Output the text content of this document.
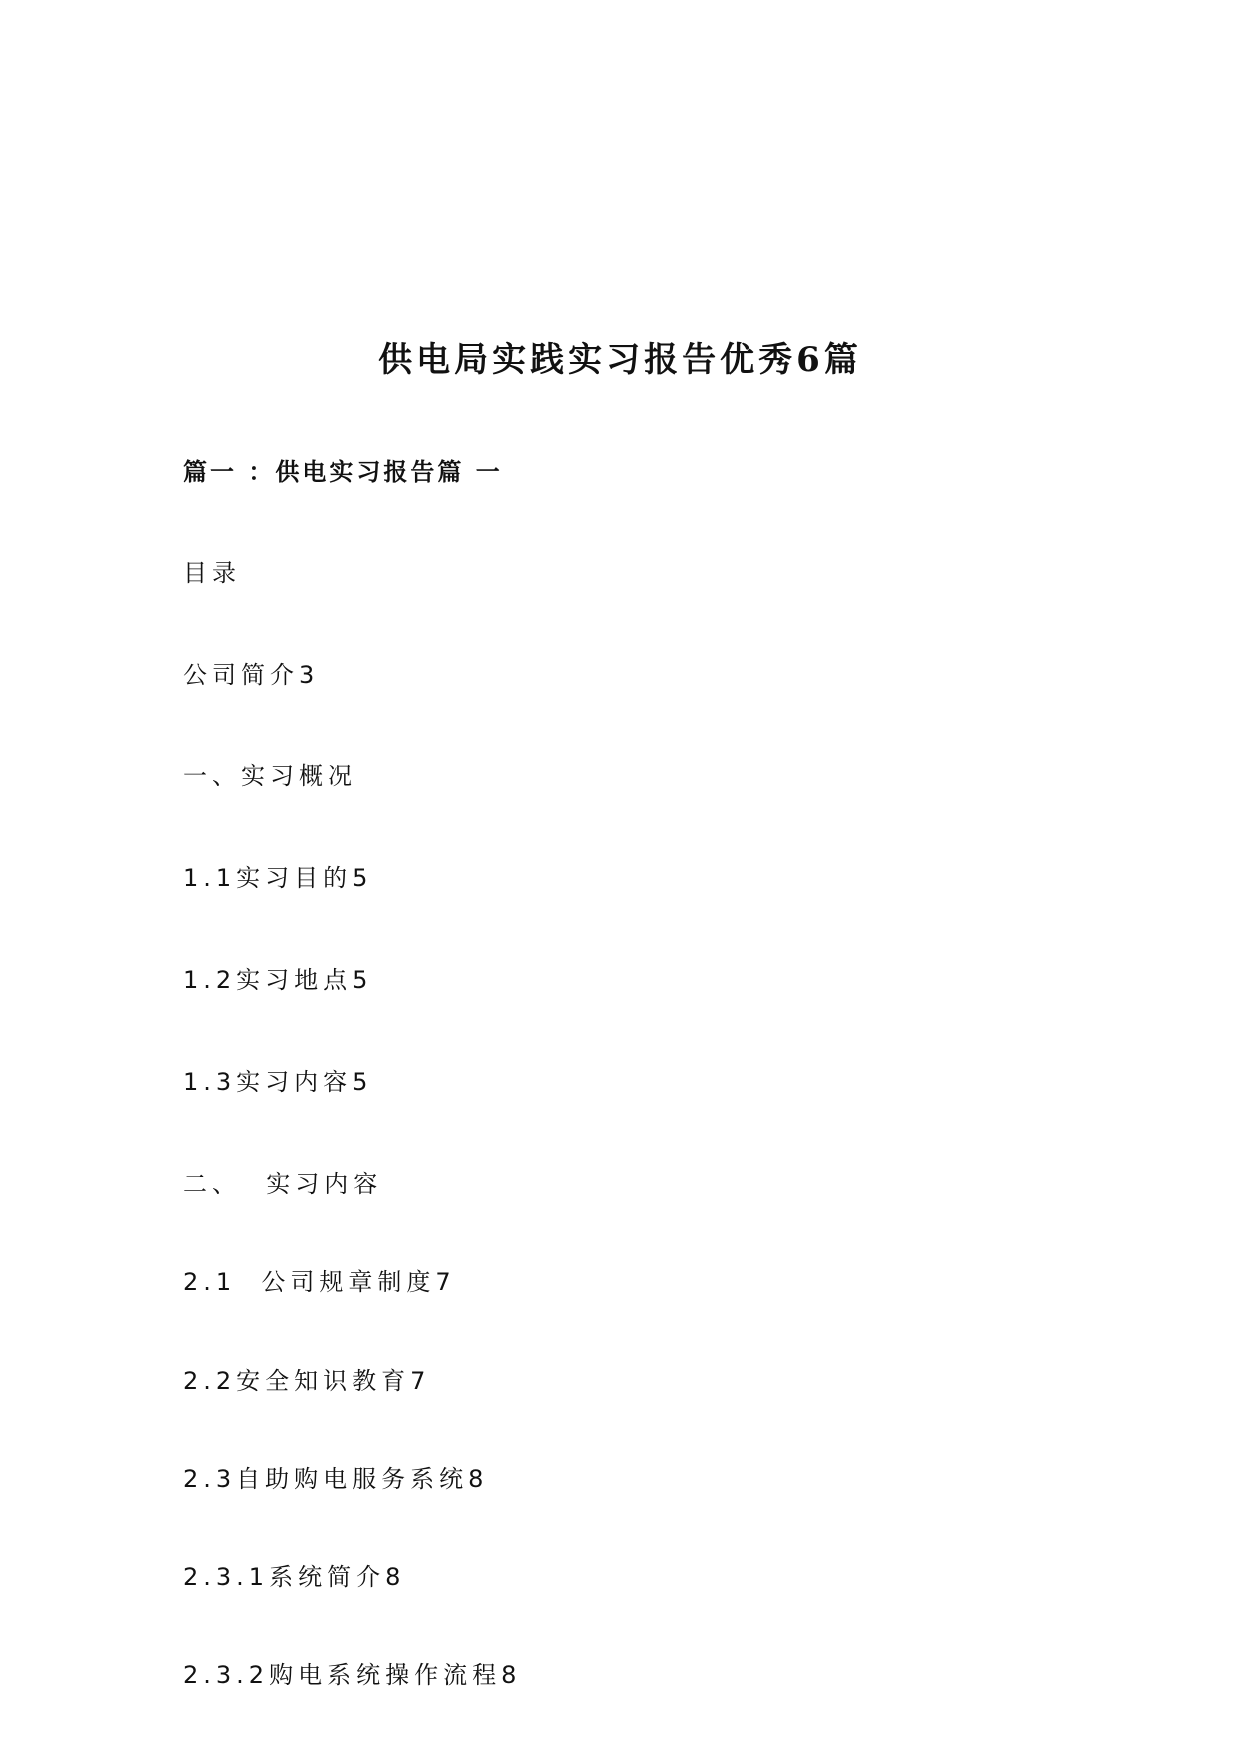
供电局实践实习报告优秀6篇
篇一 ：供电实习报告篇 一
目录
公司简介3
一、实习概况
1.1实习目的5
1.2实习地点5
1.3实习内容5
二、  实习内容
2.1  公司规章制度7
2.2安全知识教育7
2.3自助购电服务系统8
2.3.1系统简介8
2.3.2购电系统操作流程8
